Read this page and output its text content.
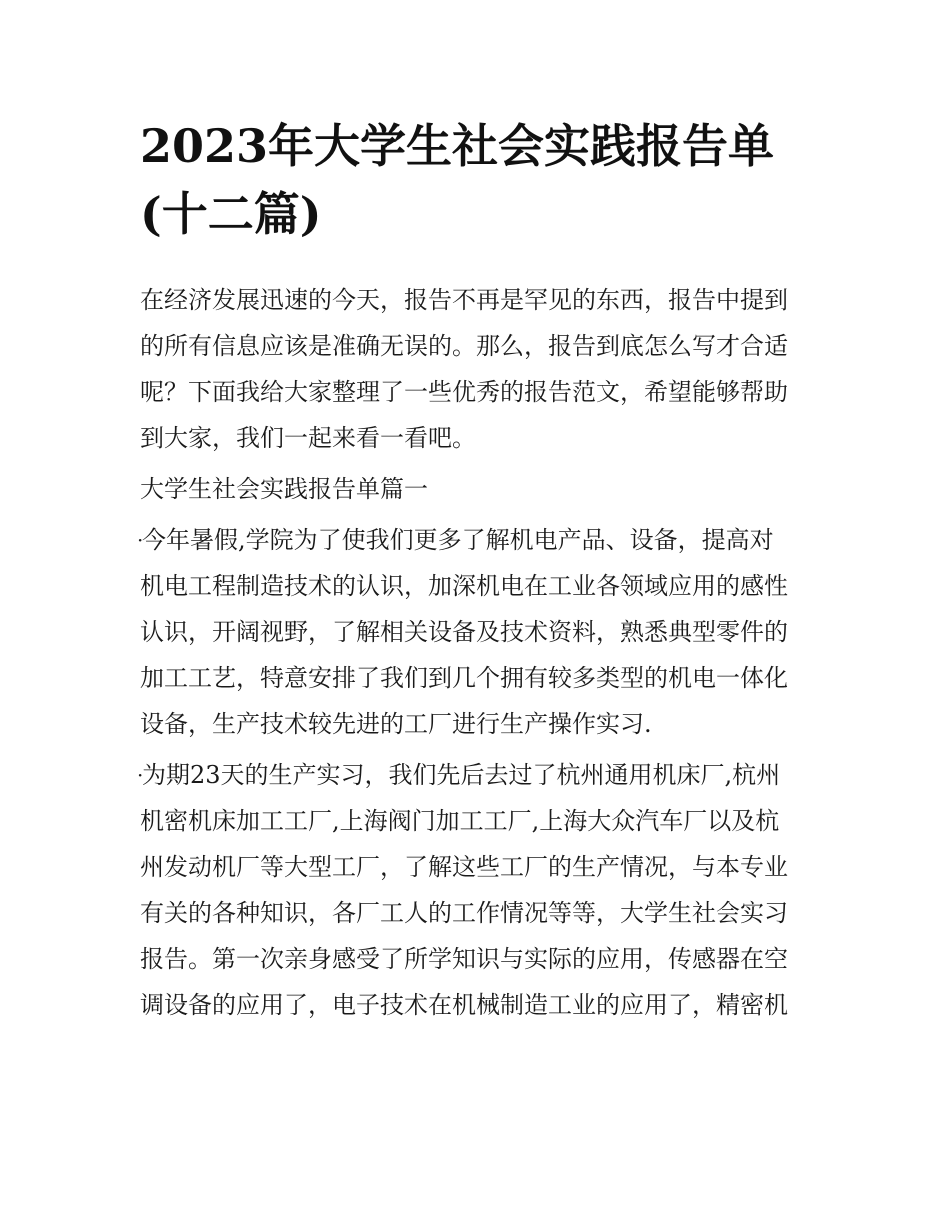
2023年大学生社会实践报告单
(十二篇)
在经济发展迅速的今天，报告不再是罕见的东西，报告中提到
的所有信息应该是准确无误的。那么，报告到底怎么写才合适
呢？下面我给大家整理了一些优秀的报告范文，希望能够帮助
到大家，我们一起来看一看吧。
大学生社会实践报告单篇一
·今年暑假,学院为了使我们更多了解机电产品、设备，提高对
机电工程制造技术的认识，加深机电在工业各领域应用的感性
认识，开阔视野，了解相关设备及技术资料，熟悉典型零件的
加工工艺，特意安排了我们到几个拥有较多类型的机电一体化
设备，生产技术较先进的工厂进行生产操作实习.
·为期23天的生产实习，我们先后去过了杭州通用机床厂,杭州
机密机床加工工厂,上海阀门加工工厂,上海大众汽车厂以及杭
州发动机厂等大型工厂，了解这些工厂的生产情况，与本专业
有关的各种知识，各厂工人的工作情况等等，大学生社会实习
报告。第一次亲身感受了所学知识与实际的应用，传感器在空
调设备的应用了，电子技术在机械制造工业的应用了，精密机
